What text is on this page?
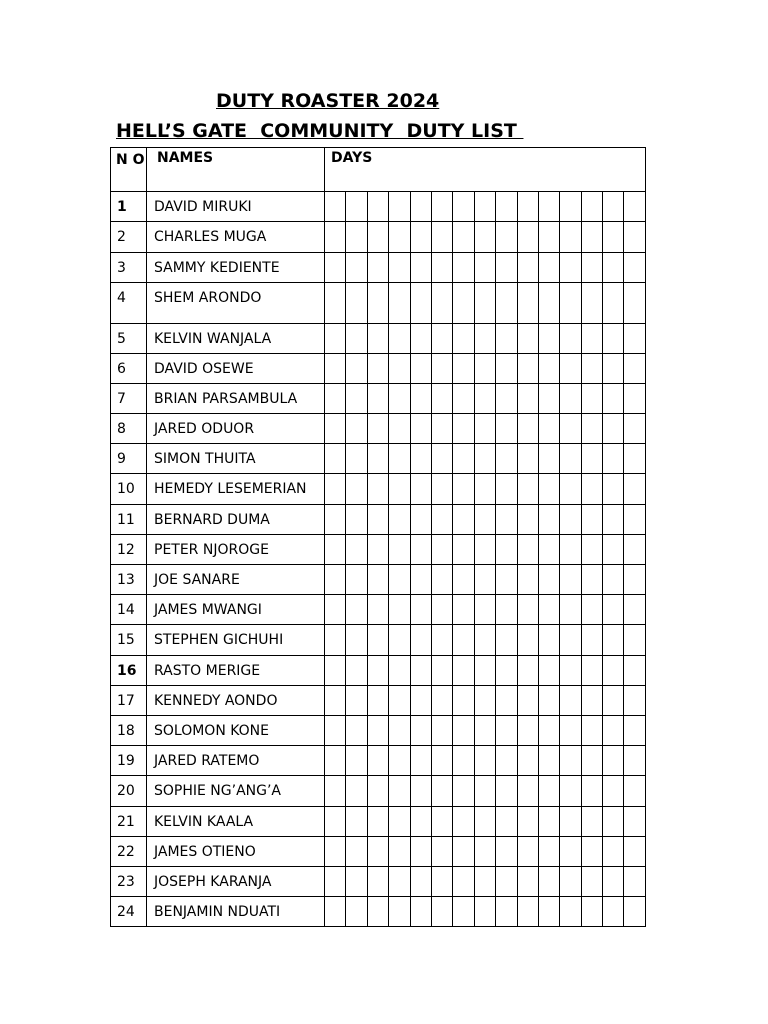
DUTY ROASTER 2024
HELL’S GATE  COMMUNITY  DUTY LIST
N O	NAMES	DAYS														
1	DAVID MIRUKI															
2	CHARLES MUGA															
3	SAMMY KEDIENTE															
4	SHEM ARONDO															
5	KELVIN WANJALA															
6	DAVID OSEWE															
7	BRIAN PARSAMBULA															
8	JARED ODUOR															
9	SIMON THUITA															
10	HEMEDY LESEMERIAN															
11	BERNARD DUMA															
12	PETER NJOROGE															
13	JOE SANARE															
14	JAMES MWANGI															
15	STEPHEN GICHUHI															
16	RASTO MERIGE															
17	KENNEDY AONDO															
18	SOLOMON KONE															
19	JARED RATEMO															
20	SOPHIE NG’ANG’A															
21	KELVIN KAALA															
22	JAMES OTIENO															
23	JOSEPH KARANJA															
24	BENJAMIN NDUATI															
